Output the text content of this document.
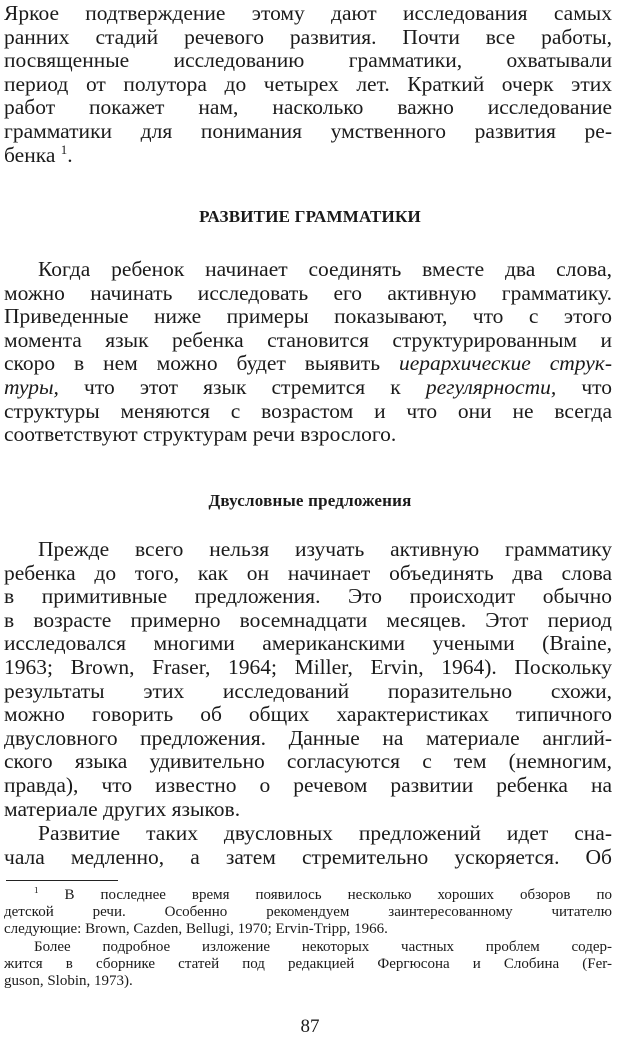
Яркое подтверждение этому дают исследования самых
ранних стадий речевого развития. Почти все работы,
посвященные исследованию грамматики, охватывали
период от полутора до четырех лет. Краткий очерк этих
работ покажет нам, насколько важно исследование
грамматики для понимания умственного развития ре-
бенка $^1$.
РАЗВИТИЕ ГРАММАТИКИ
Когда ребенок начинает соединять вместе два слова,
можно начинать исследовать его активную грамматику.
Приведенные ниже примеры показывают, что с этого
момента язык ребенка становится структурированным и
скоро в нем можно будет выявить иерархические струк-
туры, что этот язык стремится к регулярности, что
структуры меняются с возрастом и что они не всегда
соответствуют структурам речи взрослого.
Двусловные предложения
Прежде всего нельзя изучать активную грамматику
ребенка до того, как он начинает объединять два слова
в примитивные предложения. Это происходит обычно
в возрасте примерно восемнадцати месяцев. Этот период
исследовался многими американскими учеными (Braine,
1963; Brown, Fraser, 1964; Miller, Ervin, 1964). Поскольку
результаты этих исследований поразительно схожи,
можно говорить об общих характеристиках типичного
двусловного предложения. Данные на материале англий-
ского языка удивительно согласуются с тем (немногим,
правда), что известно о речевом развитии ребенка на
материале других языков.
Развитие таких двусловных предложений идет сна-
чала медленно, а затем стремительно ускоряется. Об
$^1$ В последнее время появилось несколько хороших обзоров по
детской речи. Особенно рекомендуем заинтересованному читателю
следующие: Brown, Cazden, Bellugi, 1970; Ervin-Tripp, 1966.
Более подробное изложение некоторых частных проблем содер-
жится в сборнике статей под редакцией Фергюсона и Слобина (Fer-
guson, Slobin, 1973).
87
